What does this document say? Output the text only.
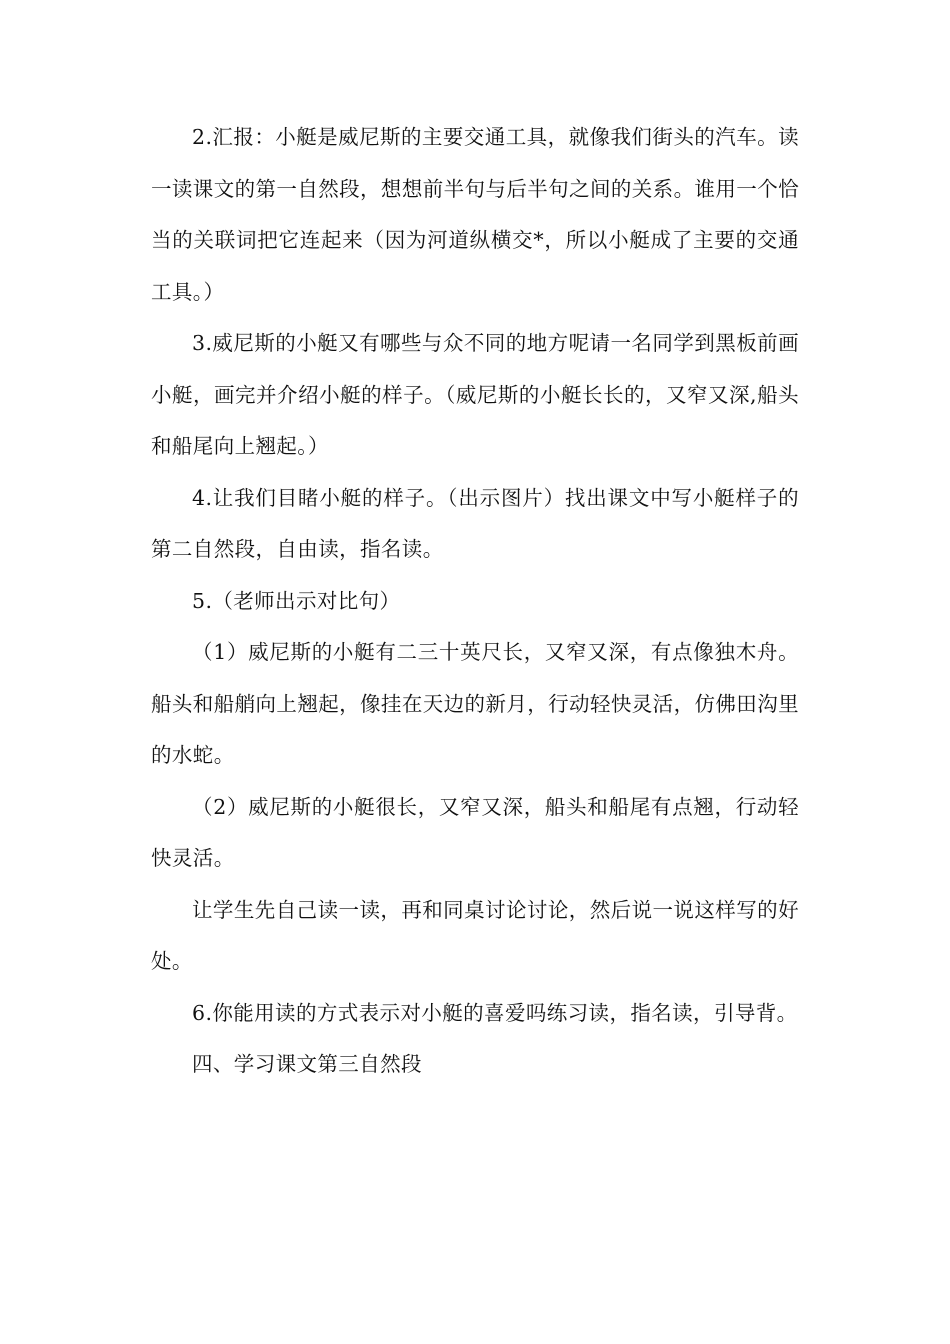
2.汇报：小艇是威尼斯的主要交通工具，就像我们街头的汽车。读一读课文的第一自然段，想想前半句与后半句之间的关系。谁用一个恰当的关联词把它连起来（因为河道纵横交*，所以小艇成了主要的交通工具。）

3.威尼斯的小艇又有哪些与众不同的地方呢请一名同学到黑板前画小艇，画完并介绍小艇的样子。（威尼斯的小艇长长的，又窄又深,船头和船尾向上翘起。）

4.让我们目睹小艇的样子。（出示图片）找出课文中写小艇样子的第二自然段，自由读，指名读。

5.（老师出示对比句）

（1）威尼斯的小艇有二三十英尺长，又窄又深，有点像独木舟。船头和船艄向上翘起，像挂在天边的新月，行动轻快灵活，仿佛田沟里的水蛇。

（2）威尼斯的小艇很长，又窄又深，船头和船尾有点翘，行动轻快灵活。

让学生先自己读一读，再和同桌讨论讨论，然后说一说这样写的好处。

6.你能用读的方式表示对小艇的喜爱吗练习读，指名读，引导背。

四、学习课文第三自然段
